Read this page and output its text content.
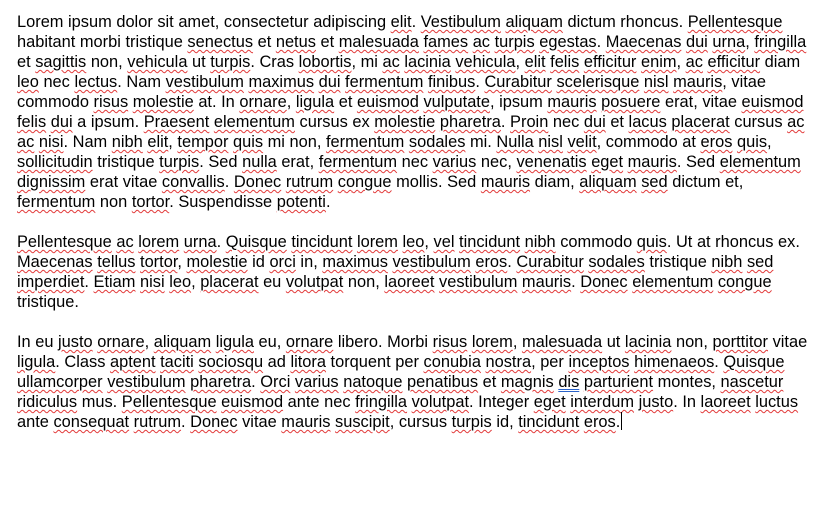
Lorem ipsum dolor sit amet, consectetur adipiscing elit. Vestibulum aliquam dictum rhoncus. Pellentesque habitant morbi tristique senectus et netus et malesuada fames ac turpis egestas. Maecenas dui urna, fringilla et sagittis non, vehicula ut turpis. Cras lobortis, mi ac lacinia vehicula, elit felis efficitur enim, ac efficitur diam leo nec lectus. Nam vestibulum maximus dui fermentum finibus. Curabitur scelerisque nisl mauris, vitae commodo risus molestie at. In ornare, ligula et euismod vulputate, ipsum mauris posuere erat, vitae euismod felis dui a ipsum. Praesent elementum cursus ex molestie pharetra. Proin nec dui et lacus placerat cursus ac ac nisi. Nam nibh elit, tempor quis mi non, fermentum sodales mi. Nulla nisl velit, commodo at eros quis, sollicitudin tristique turpis. Sed nulla erat, fermentum nec varius nec, venenatis eget mauris. Sed elementum dignissim erat vitae convallis. Donec rutrum congue mollis. Sed mauris diam, aliquam sed dictum et, fermentum non tortor. Suspendisse potenti.

Pellentesque ac lorem urna. Quisque tincidunt lorem leo, vel tincidunt nibh commodo quis. Ut at rhoncus ex. Maecenas tellus tortor, molestie id orci in, maximus vestibulum eros. Curabitur sodales tristique nibh sed imperdiet. Etiam nisi leo, placerat eu volutpat non, laoreet vestibulum mauris. Donec elementum congue tristique.

In eu justo ornare, aliquam ligula eu, ornare libero. Morbi risus lorem, malesuada ut lacinia non, porttitor vitae ligula. Class aptent taciti sociosqu ad litora torquent per conubia nostra, per inceptos himenaeos. Quisque ullamcorper vestibulum pharetra. Orci varius natoque penatibus et magnis dis parturient montes, nascetur ridiculus mus. Pellentesque euismod ante nec fringilla volutpat. Integer eget interdum justo. In laoreet luctus ante consequat rutrum. Donec vitae mauris suscipit, cursus turpis id, tincidunt eros.
